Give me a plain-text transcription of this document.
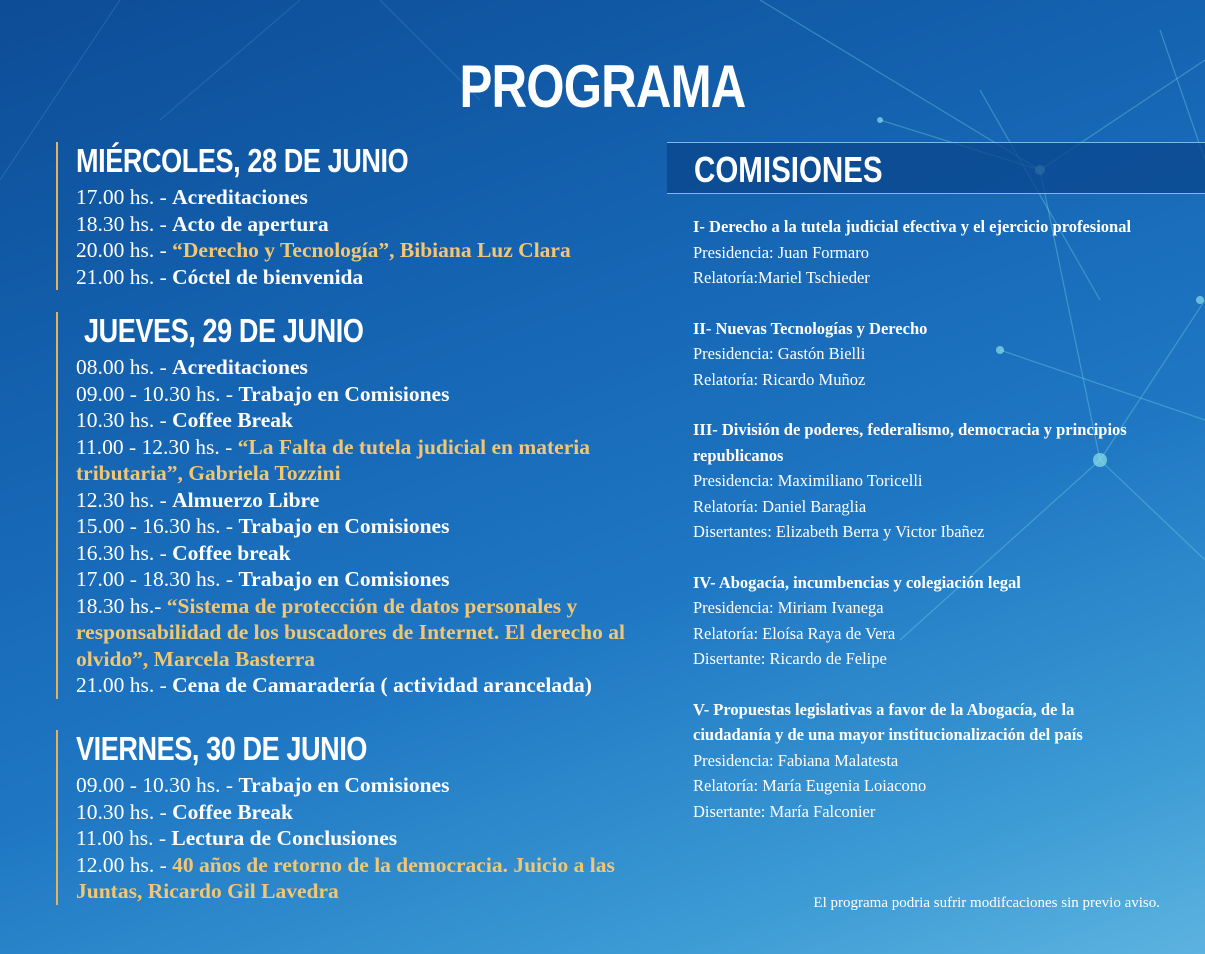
PROGRAMA
MIÉRCOLES, 28 DE JUNIO
17.00 hs. - Acreditaciones
18.30 hs. - Acto de apertura
20.00 hs. - “Derecho y Tecnología”, Bibiana Luz Clara
21.00 hs. - Cóctel de bienvenida
JUEVES, 29 DE JUNIO
08.00 hs. - Acreditaciones
09.00 - 10.30 hs. - Trabajo en Comisiones
10.30 hs. - Coffee Break
11.00 - 12.30 hs. - “La Falta de tutela judicial en materia tributaria”, Gabriela Tozzini
12.30 hs. - Almuerzo Libre
15.00 - 16.30 hs. - Trabajo en Comisiones
16.30 hs. - Coffee break
17.00 - 18.30 hs. - Trabajo en Comisiones
18.30 hs.- “Sistema de protección de datos personales y responsabilidad de los buscadores de Internet. El derecho al olvido”, Marcela Basterra
21.00 hs. - Cena de Camaradería ( actividad arancelada)
VIERNES, 30 DE JUNIO
09.00 - 10.30 hs. - Trabajo en Comisiones
10.30 hs. - Coffee Break
11.00 hs. - Lectura de Conclusiones
12.00 hs. - 40 años de retorno de la democracia. Juicio a las Juntas, Ricardo Gil Lavedra
COMISIONES
I- Derecho a la tutela judicial efectiva y el ejercicio profesional
Presidencia: Juan Formaro
Relatoría:Mariel Tschieder
II- Nuevas Tecnologías y Derecho
Presidencia: Gastón Bielli
Relatoría: Ricardo Muñoz
III- División de poderes, federalismo, democracia y principios republicanos
Presidencia: Maximiliano Toricelli
Relatoría: Daniel Baraglia
Disertantes: Elizabeth Berra y Victor Ibañez
IV- Abogacía, incumbencias y colegiación legal
Presidencia: Miriam Ivanega
Relatoría: Eloísa Raya de Vera
Disertante: Ricardo de Felipe
V- Propuestas legislativas a favor de la Abogacía, de la ciudadanía y de una mayor institucionalización del país
Presidencia: Fabiana Malatesta
Relatoría: María Eugenia Loiacono
Disertante: María Falconier
El programa podria sufrir modifcaciones sin previo aviso.
